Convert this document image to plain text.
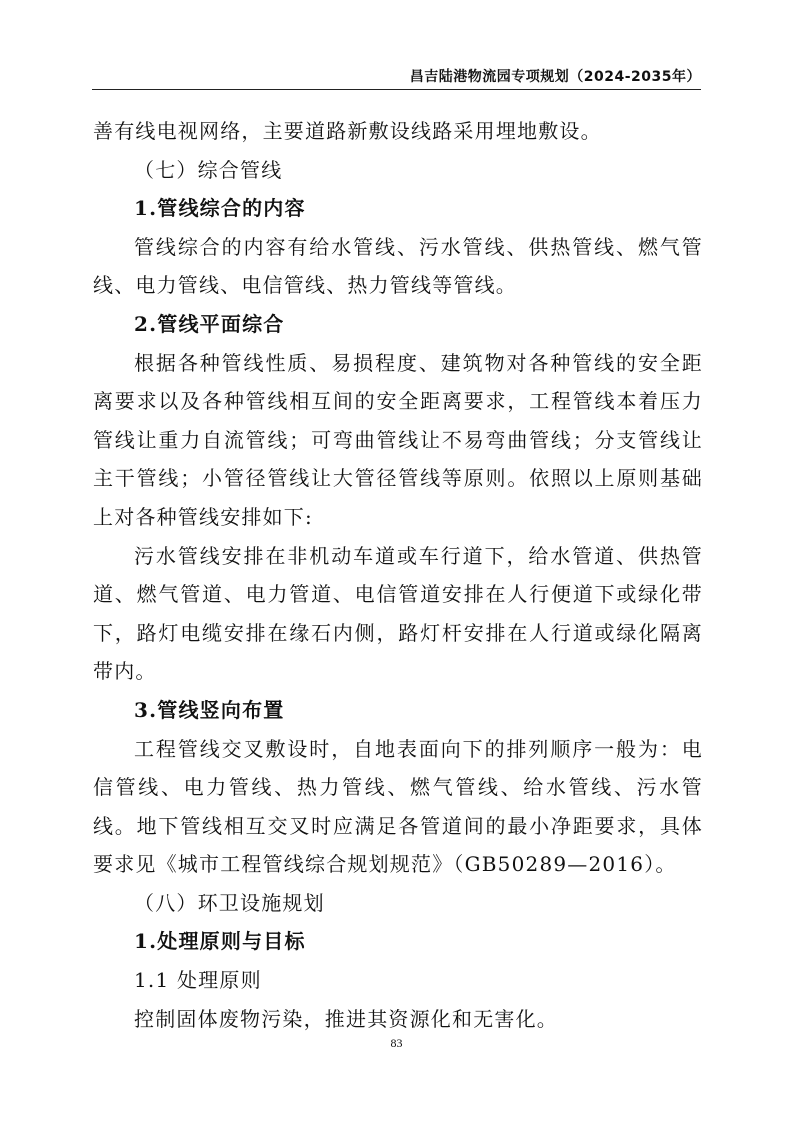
昌吉陆港物流园专项规划（2024-2035年）

善有线电视网络，主要道路新敷设线路采用埋地敷设。

（七）综合管线

1.管线综合的内容

管线综合的内容有给水管线、污水管线、供热管线、燃气管线、电力管线、电信管线、热力管线等管线。

2.管线平面综合

根据各种管线性质、易损程度、建筑物对各种管线的安全距离要求以及各种管线相互间的安全距离要求，工程管线本着压力管线让重力自流管线；可弯曲管线让不易弯曲管线；分支管线让主干管线；小管径管线让大管径管线等原则。依照以上原则基础上对各种管线安排如下:

污水管线安排在非机动车道或车行道下，给水管道、供热管道、燃气管道、电力管道、电信管道安排在人行便道下或绿化带下，路灯电缆安排在缘石内侧，路灯杆安排在人行道或绿化隔离带内。

3.管线竖向布置

工程管线交叉敷设时，自地表面向下的排列顺序一般为：电信管线、电力管线、热力管线、燃气管线、给水管线、污水管线。地下管线相互交叉时应满足各管道间的最小净距要求，具体要求见《城市工程管线综合规划规范》（GB50289—2016）。

（八）环卫设施规划

1.处理原则与目标

1.1 处理原则

控制固体废物污染，推进其资源化和无害化。

83
